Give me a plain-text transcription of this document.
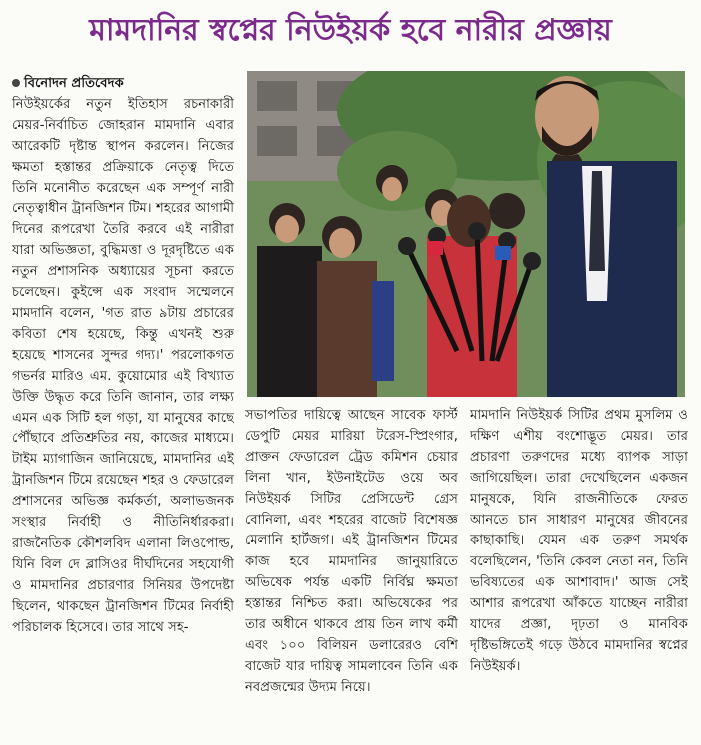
মামদানির স্বপ্নের নিউইয়র্ক হবে নারীর প্রজ্ঞায়

বিনোদন প্রতিবেদক
নিউইয়র্কের নতুন ইতিহাস রচনাকারী মেয়র-নির্বাচিত জোহরান মামদানি এবার আরেকটি দৃষ্টান্ত স্থাপন করলেন। নিজের ক্ষমতা হস্তান্তর প্রক্রিয়াকে নেতৃত্ব দিতে তিনি মনোনীত করেছেন এক সম্পূর্ণ নারী নেতৃত্বাধীন ট্রানজিশন টিম। শহরের আগামী দিনের রূপরেখা তৈরি করবে এই নারীরা যারা অভিজ্ঞতা, বুদ্ধিমত্তা ও দূরদৃষ্টিতে এক নতুন প্রশাসনিক অধ্যায়ের সূচনা করতে চলেছেন। কুইন্সে এক সংবাদ সম্মেলনে মামদানি বলেন, 'গত রাত ৯টায় প্রচারের কবিতা শেষ হয়েছে, কিন্তু এখনই শুরু হয়েছে শাসনের সুন্দর গদ্য।' পরলোকগত গভর্নর মারিও এম. কুয়োমোর এই বিখ্যাত উক্তি উদ্ধৃত করে তিনি জানান, তার লক্ষ্য এমন এক সিটি হল গড়া, যা মানুষের কাছে পৌঁছাবে প্রতিশ্রুতির নয়, কাজের মাধ্যমে। টাইম ম্যাগাজিন জানিয়েছে, মামদানির এই ট্রানজিশন টিমে রয়েছেন শহর ও ফেডারেল প্রশাসনের অভিজ্ঞ কর্মকর্তা, অলাভজনক সংস্থার নির্বাহী ও নীতিনির্ধারকরা। রাজনৈতিক কৌশলবিদ এলানা লিওপোল্ড, যিনি বিল দে ব্লাসিওর দীর্ঘদিনের সহযোগী ও মামদানির প্রচারণার সিনিয়র উপদেষ্টা ছিলেন, থাকছেন ট্রানজিশন টিমের নির্বাহী পরিচালক হিসেবে। তার সাথে সহ-

সভাপতির দায়িত্বে আছেন সাবেক ফার্স্ট ডেপুটি মেয়র মারিয়া টরেস-স্প্রিংগার, প্রাক্তন ফেডারেল ট্রেড কমিশন চেয়ার লিনা খান, ইউনাইটেড ওয়ে অব নিউইয়র্ক সিটির প্রেসিডেন্ট গ্রেস বোনিলা, এবং শহরের বাজেট বিশেষজ্ঞ মেলানি হার্টজগ। এই ট্রানজিশন টিমের কাজ হবে মামদানির জানুয়ারিতে অভিষেক পর্যন্ত একটি নির্বিঘ্ন ক্ষমতা হস্তান্তর নিশ্চিত করা। অভিষেকের পর তার অধীনে থাকবে প্রায় তিন লাখ কর্মী এবং ১০০ বিলিয়ন ডলারেরও বেশি বাজেট যার দায়িত্ব সামলাবেন তিনি এক নবপ্রজন্মের উদ্যম নিয়ে।

মামদানি নিউইয়র্ক সিটির প্রথম মুসলিম ও দক্ষিণ এশীয় বংশোদ্ভূত মেয়র। তার প্রচারণা তরুণদের মধ্যে ব্যাপক সাড়া জাগিয়েছিল। তারা দেখেছিলেন একজন মানুষকে, যিনি রাজনীতিকে ফেরত আনতে চান সাধারণ মানুষের জীবনের কাছাকাছি। যেমন এক তরুণ সমর্থক বলেছিলেন, 'তিনি কেবল নেতা নন, তিনি ভবিষ্যতের এক আশাবাদ।' আজ সেই আশার রূপরেখা আঁকতে যাচ্ছেন নারীরা যাদের প্রজ্ঞা, দৃঢ়তা ও মানবিক দৃষ্টিভঙ্গিতেই গড়ে উঠবে মামদানির স্বপ্নের নিউইয়র্ক।
